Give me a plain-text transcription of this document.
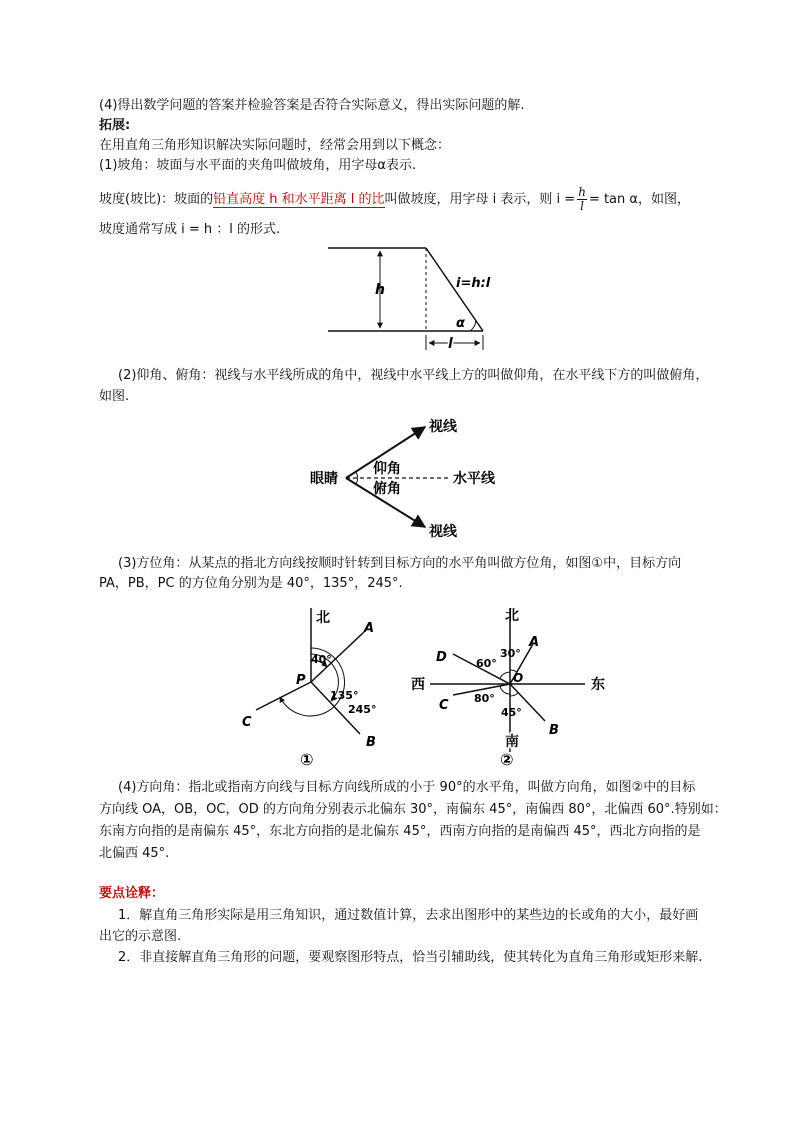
(4)得出数学问题的答案并检验答案是否符合实际意义，得出实际问题的解.
拓展:
在用直角三角形知识解决实际问题时，经常会用到以下概念：
(1)坡角：坡面与水平面的夹角叫做坡角，用字母α表示.
坡度(坡比)：坡面的铅直高度 h 和水平距离 l 的比叫做坡度，用字母 i 表示，则 $i = \frac{h}{l} = \tan \alpha$，如图，
坡度通常写成 i = h ：l 的形式.
h	i=h:l
α
l
(2)仰角、俯角：视线与水平线所成的角中，视线中水平线上方的叫做仰角，在水平线下方的叫做俯角，
如图.
视线
眼睛
仰角
俯角
水平线
视线
(3)方位角：从某点的指北方向线按顺时针转到目标方向的水平角叫做方位角，如图①中，目标方向
PA，PB，PC 的方位角分别为是 40°，135°，245°.
北
A
P
B
C
40°
135°
245°
①
北
南
西	东
A
B
C
D
O
30°
60°
80°
45°
②
(4)方向角：指北或指南方向线与目标方向线所成的小于 90°的水平角，叫做方向角，如图②中的目标
方向线 OA，OB，OC，OD 的方向角分别表示北偏东 30°，南偏东 45°，南偏西 80°，北偏西 60°.特别如：
东南方向指的是南偏东 45°，东北方向指的是北偏东 45°，西南方向指的是南偏西 45°，西北方向指的是
北偏西 45°.
要点诠释：
1．解直角三角形实际是用三角知识，通过数值计算，去求出图形中的某些边的长或角的大小，最好画
出它的示意图.
2．非直接解直角三角形的问题，要观察图形特点，恰当引辅助线，使其转化为直角三角形或矩形来解.
